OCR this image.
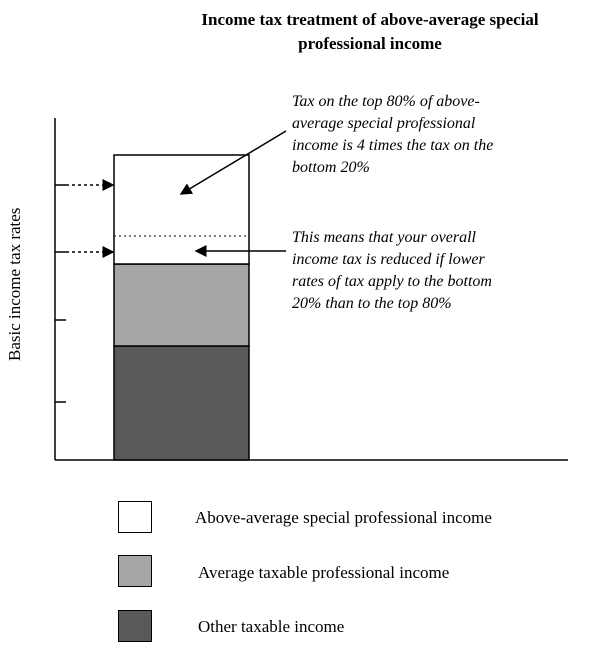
Income tax treatment of above-average special
professional income
Basic income tax rates
Tax on the top 80% of above-
average special professional
income is 4 times the tax on the
bottom 20%
This means that your overall
income tax is reduced if lower
rates of tax apply to the bottom
20% than to the top 80%
Above-average special professional income
Average taxable professional income
Other taxable income
